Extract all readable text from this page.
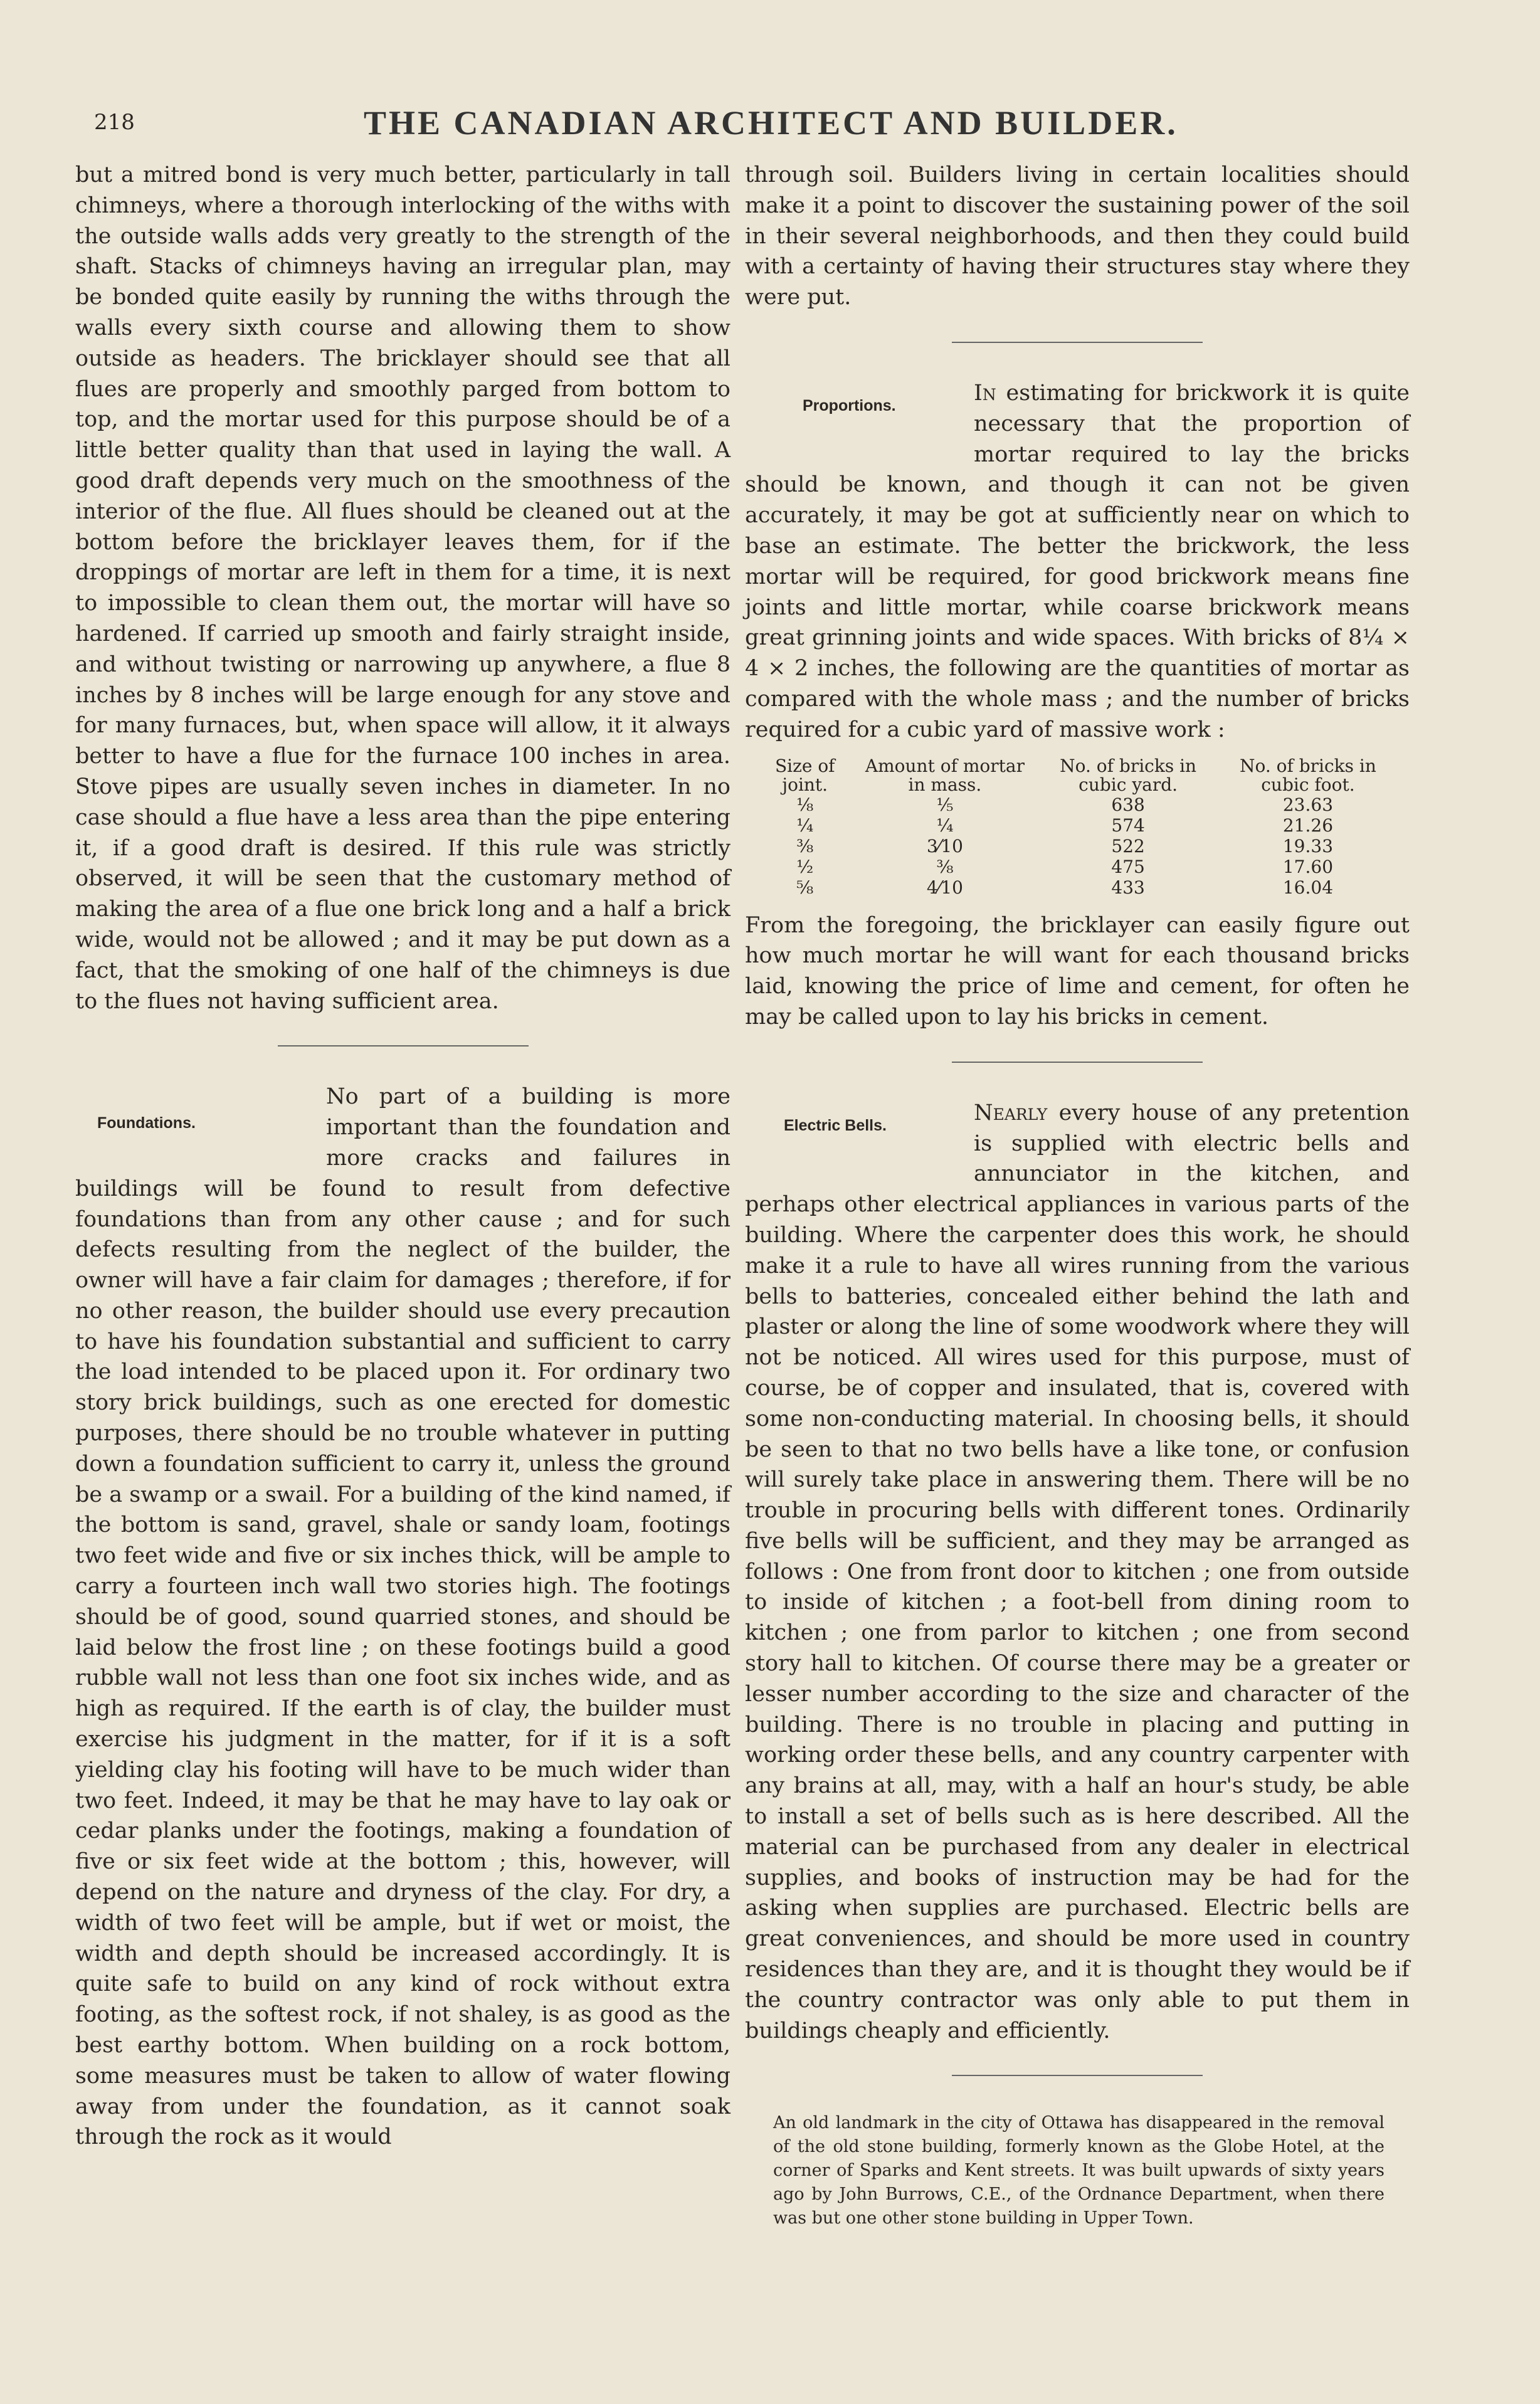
218	THE CANADIAN ARCHITECT AND BUILDER.

but a mitred bond is very much better, particularly in tall chimneys, where a thorough interlocking of the withs with the outside walls adds very greatly to the strength of the shaft. Stacks of chimneys having an irregular plan, may be bonded quite easily by running the withs through the walls every sixth course and allowing them to show outside as headers. The bricklayer should see that all flues are properly and smoothly parged from bottom to top, and the mortar used for this purpose should be of a little better quality than that used in laying the wall. A good draft depends very much on the smoothness of the interior of the flue. All flues should be cleaned out at the bottom before the bricklayer leaves them, for if the droppings of mortar are left in them for a time, it is next to impossible to clean them out, the mortar will have so hardened. If carried up smooth and fairly straight inside, and without twisting or narrowing up anywhere, a flue 8 inches by 8 inches will be large enough for any stove and for many furnaces, but, when space will allow, it it always better to have a flue for the furnace 100 inches in area. Stove pipes are usually seven inches in diameter. In no case should a flue have a less area than the pipe entering it, if a good draft is desired. If this rule was strictly observed, it will be seen that the customary method of making the area of a flue one brick long and a half a brick wide, would not be allowed ; and it may be put down as a fact, that the smoking of one half of the chimneys is due to the flues not having sufficient area.

Foundations.

No part of a building is more important than the foundation and more cracks and failures in buildings will be found to result from defective foundations than from any other cause ; and for such defects resulting from the neglect of the builder, the owner will have a fair claim for damages ; therefore, if for no other reason, the builder should use every precaution to have his foundation substantial and sufficient to carry the load intended to be placed upon it. For ordinary two story brick buildings, such as one erected for domestic purposes, there should be no trouble whatever in putting down a foundation sufficient to carry it, unless the ground be a swamp or a swail. For a building of the kind named, if the bottom is sand, gravel, shale or sandy loam, footings two feet wide and five or six inches thick, will be ample to carry a fourteen inch wall two stories high. The footings should be of good, sound quarried stones, and should be laid below the frost line ; on these footings build a good rubble wall not less than one foot six inches wide, and as high as required. If the earth is of clay, the builder must exercise his judgment in the matter, for if it is a soft yielding clay his footing will have to be much wider than two feet. Indeed, it may be that he may have to lay oak or cedar planks under the footings, making a foundation of five or six feet wide at the bottom ; this, however, will depend on the nature and dryness of the clay. For dry, a width of two feet will be ample, but if wet or moist, the width and depth should be increased accordingly. It is quite safe to build on any kind of rock without extra footing, as the softest rock, if not shaley, is as good as the best earthy bottom. When building on a rock bottom, some measures must be taken to allow of water flowing away from under the foundation, as it cannot soak through the rock as it would

through soil. Builders living in certain localities should make it a point to discover the sustaining power of the soil in their several neighborhoods, and then they could build with a certainty of having their structures stay where they were put.

Proportions.	In estimating for brickwork it is quite necessary that the proportion of mortar required to lay the bricks should be known, and though it can not be given accurately, it may be got at sufficiently near on which to base an estimate. The better the brickwork, the less mortar will be required, for good brickwork means fine joints and little mortar, while coarse brickwork means great grinning joints and wide spaces. With bricks of 8¼ × 4 × 2 inches, the following are the quantities of mortar as compared with the whole mass ; and the number of bricks required for a cubic yard of massive work :

Size of joint.	Amount of mortar in mass.	No. of bricks in cubic yard.	No. of bricks in cubic foot.
⅛	⅕	638	23.63
¼	¼	574	21.26
⅜	3⁄10	522	19.33
½	⅜	475	17.60
⅝	4⁄10	433	16.04

From the foregoing, the bricklayer can easily figure out how much mortar he will want for each thousand bricks laid, knowing the price of lime and cement, for often he may be called upon to lay his bricks in cement.

Electric Bells.	Nearly every house of any pretention is supplied with electric bells and annunciator in the kitchen, and perhaps other electrical appliances in various parts of the building. Where the carpenter does this work, he should make it a rule to have all wires running from the various bells to batteries, concealed either behind the lath and plaster or along the line of some woodwork where they will not be noticed. All wires used for this purpose, must of course, be of copper and insulated, that is, covered with some non-conducting material. In choosing bells, it should be seen to that no two bells have a like tone, or confusion will surely take place in answering them. There will be no trouble in procuring bells with different tones. Ordinarily five bells will be sufficient, and they may be arranged as follows : One from front door to kitchen ; one from outside to inside of kitchen ; a foot-bell from dining room to kitchen ; one from parlor to kitchen ; one from second story hall to kitchen. Of course there may be a greater or lesser number according to the size and character of the building. There is no trouble in placing and putting in working order these bells, and any country carpenter with any brains at all, may, with a half an hour's study, be able to install a set of bells such as is here described. All the material can be purchased from any dealer in electrical supplies, and books of instruction may be had for the asking when supplies are purchased. Electric bells are great conveniences, and should be more used in country residences than they are, and it is thought they would be if the country contractor was only able to put them in buildings cheaply and efficiently.

An old landmark in the city of Ottawa has disappeared in the removal of the old stone building, formerly known as the Globe Hotel, at the corner of Sparks and Kent streets. It was built upwards of sixty years ago by John Burrows, C.E., of the Ordnance Department, when there was but one other stone building in Upper Town.
